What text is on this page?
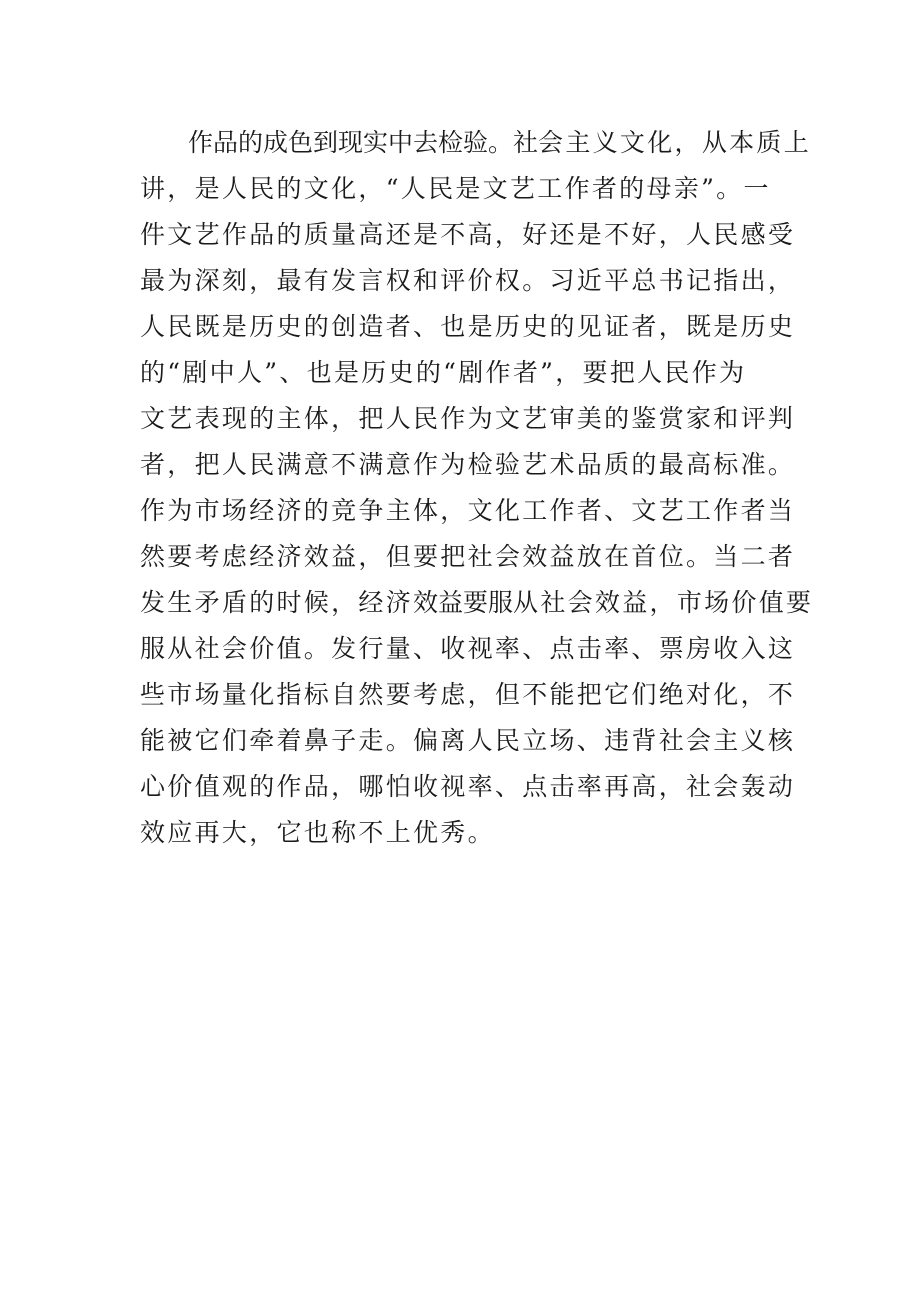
作品的成色到现实中去检验。社会主义文化，从本质上
讲，是人民的文化，“人民是文艺工作者的母亲”。一
件文艺作品的质量高还是不高，好还是不好，人民感受
最为深刻，最有发言权和评价权。习近平总书记指出，
人民既是历史的创造者、也是历史的见证者，既是历史
的“剧中人”、也是历史的“剧作者”，要把人民作为
文艺表现的主体，把人民作为文艺审美的鉴赏家和评判
者，把人民满意不满意作为检验艺术品质的最高标准。
作为市场经济的竞争主体，文化工作者、文艺工作者当
然要考虑经济效益，但要把社会效益放在首位。当二者
发生矛盾的时候，经济效益要服从社会效益，市场价值要
服从社会价值。发行量、收视率、点击率、票房收入这
些市场量化指标自然要考虑，但不能把它们绝对化，不
能被它们牵着鼻子走。偏离人民立场、违背社会主义核
心价值观的作品，哪怕收视率、点击率再高，社会轰动
效应再大，它也称不上优秀。
